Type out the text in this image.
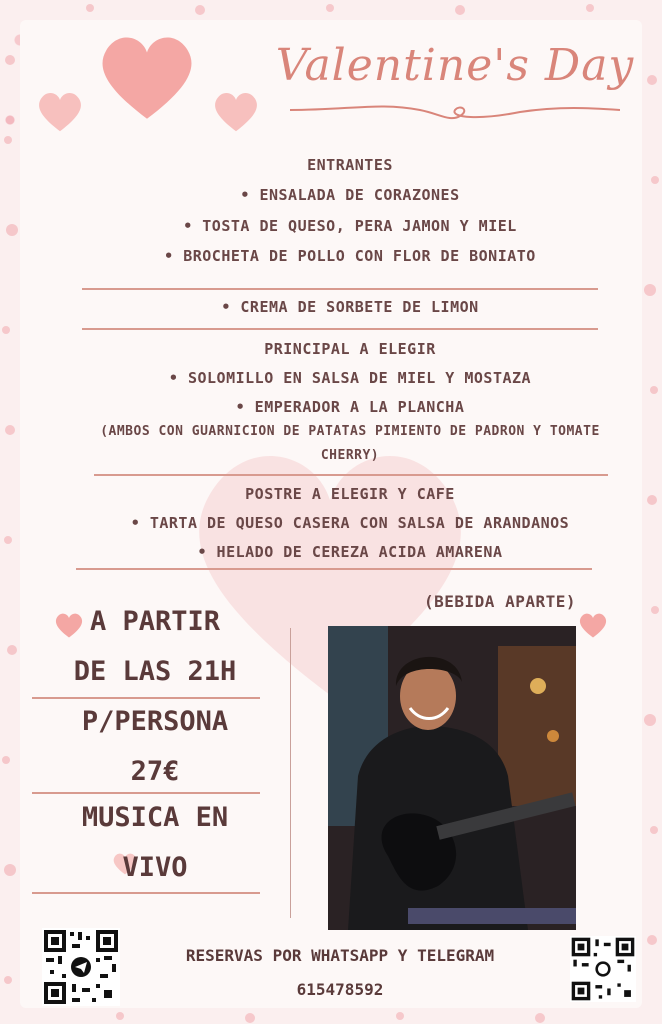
Valentine's Day
ENTRANTES
• ENSALADA DE CORAZONES
• TOSTA DE QUESO, PERA JAMON Y MIEL
• BROCHETA DE POLLO CON FLOR DE BONIATO
• CREMA DE SORBETE DE LIMON
PRINCIPAL A ELEGIR
• SOLOMILLO EN SALSA DE MIEL Y MOSTAZA
• EMPERADOR A LA PLANCHA
(AMBOS CON GUARNICION DE PATATAS PIMIENTO DE PADRON Y TOMATE
CHERRY)
POSTRE A ELEGIR Y CAFE
• TARTA DE QUESO CASERA CON SALSA DE ARANDANOS
• HELADO DE CEREZA ACIDA AMARENA
(BEBIDA APARTE)
A PARTIR
DE LAS 21H
P/PERSONA
27€
MUSICA EN
VIVO
RESERVAS POR WHATSAPP Y TELEGRAM
615478592
